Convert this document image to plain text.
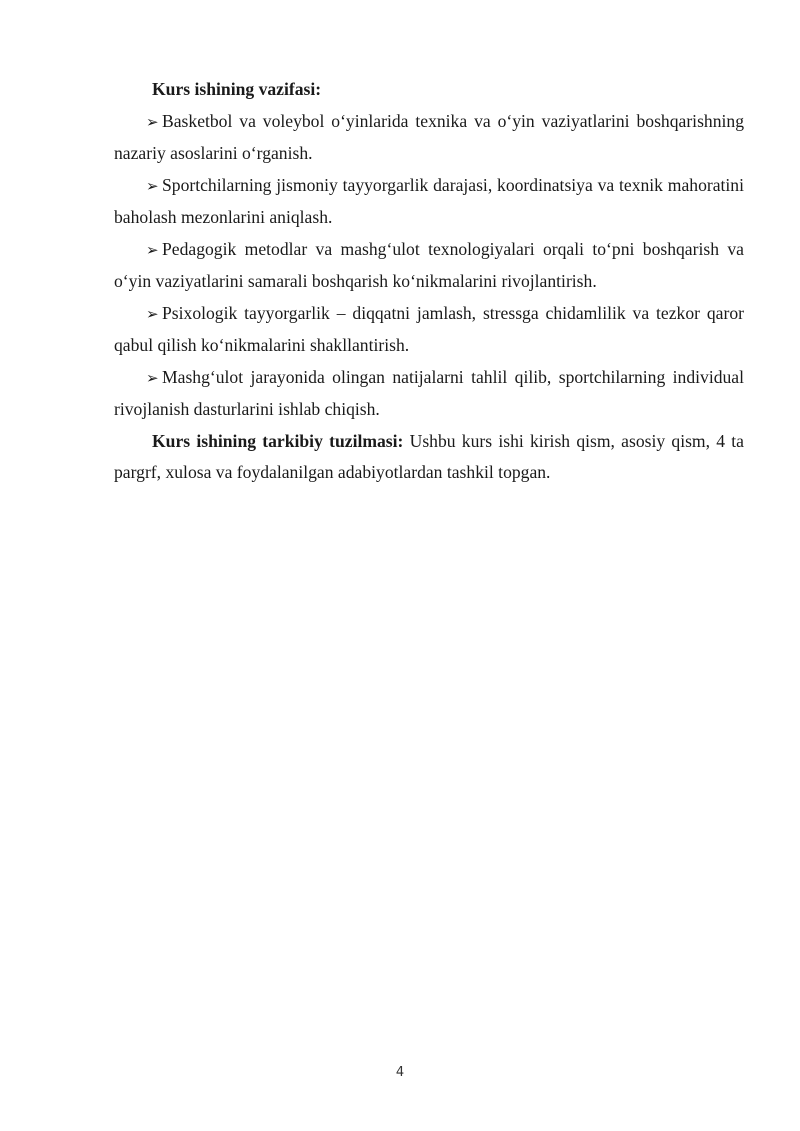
Kurs ishining vazifasi:

➢ Basketbol va voleybol o‘yinlarida texnika va o‘yin vaziyatlarini boshqarishning nazariy asoslarini o‘rganish.

➢ Sportchilarning jismoniy tayyorgarlik darajasi, koordinatsiya va texnik mahoratini baholash mezonlarini aniqlash.

➢ Pedagogik metodlar va mashg‘ulot texnologiyalari orqali to‘pni boshqarish va o‘yin vaziyatlarini samarali boshqarish ko‘nikmalarini rivojlantirish.

➢ Psixologik tayyorgarlik – diqqatni jamlash, stressga chidamlilik va tezkor qaror qabul qilish ko‘nikmalarini shakllantirish.

➢ Mashg‘ulot jarayonida olingan natijalarni tahlil qilib, sportchilarning individual rivojlanish dasturlarini ishlab chiqish.

Kurs ishining tarkibiy tuzilmasi: Ushbu kurs ishi kirish qism, asosiy qism, 4 ta pargrf, xulosa va foydalanilgan adabiyotlardan tashkil topgan.

4
